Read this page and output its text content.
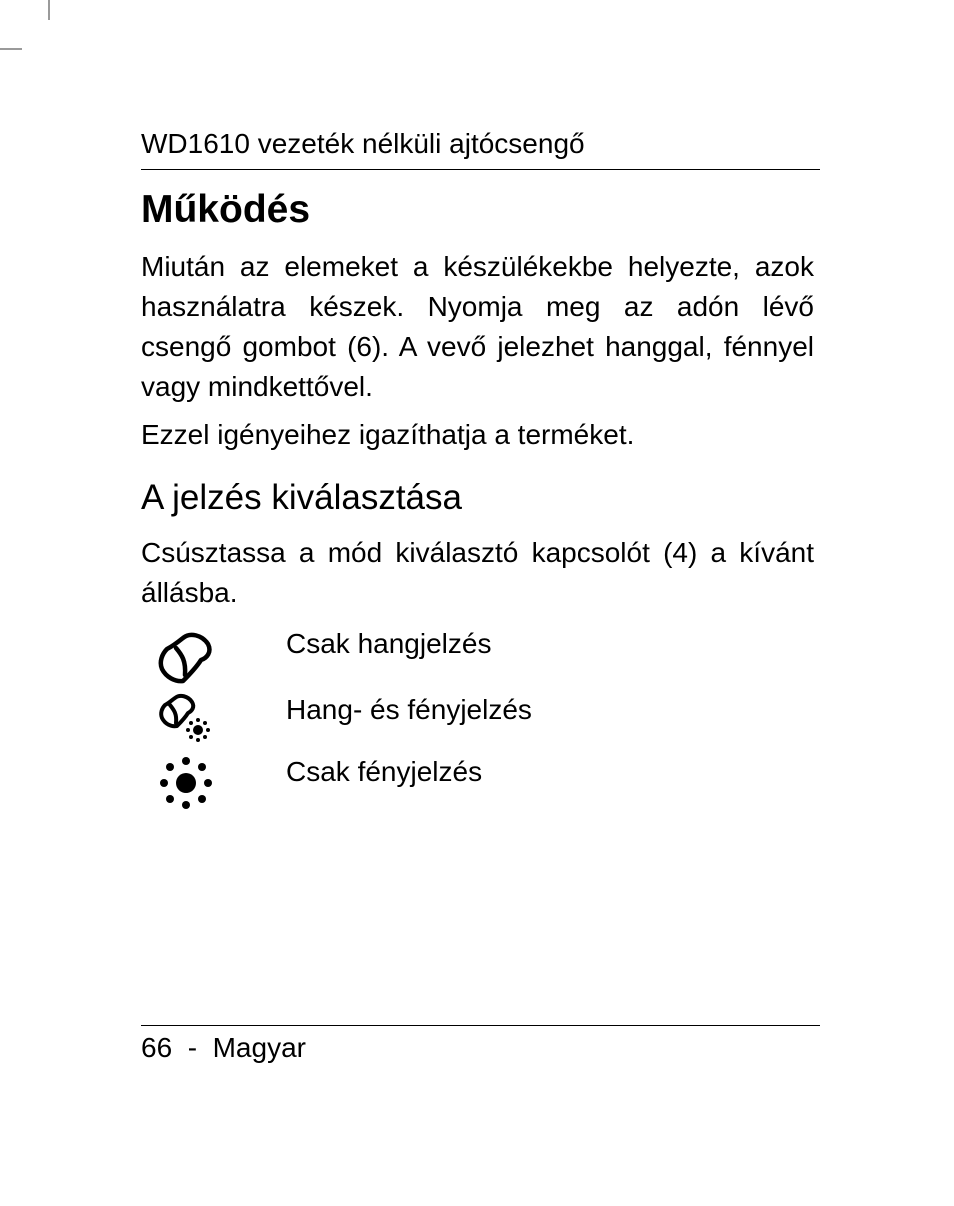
WD1610 vezeték nélküli ajtócsengő
Működés

Miután az elemeket a készülékekbe helyezte, azok használatra készek. Nyomja meg az adón lévő csengő gombot (6). A vevő jelezhet hanggal, fénnyel vagy mindkettővel.

Ezzel igényeihez igazíthatja a terméket.

A jelzés kiválasztása

Csúsztassa a mód kiválasztó kapcsolót (4) a kívánt állásba.

Csak hangjelzés
Hang- és fényjelzés
Csak fényjelzés
66 - Magyar
